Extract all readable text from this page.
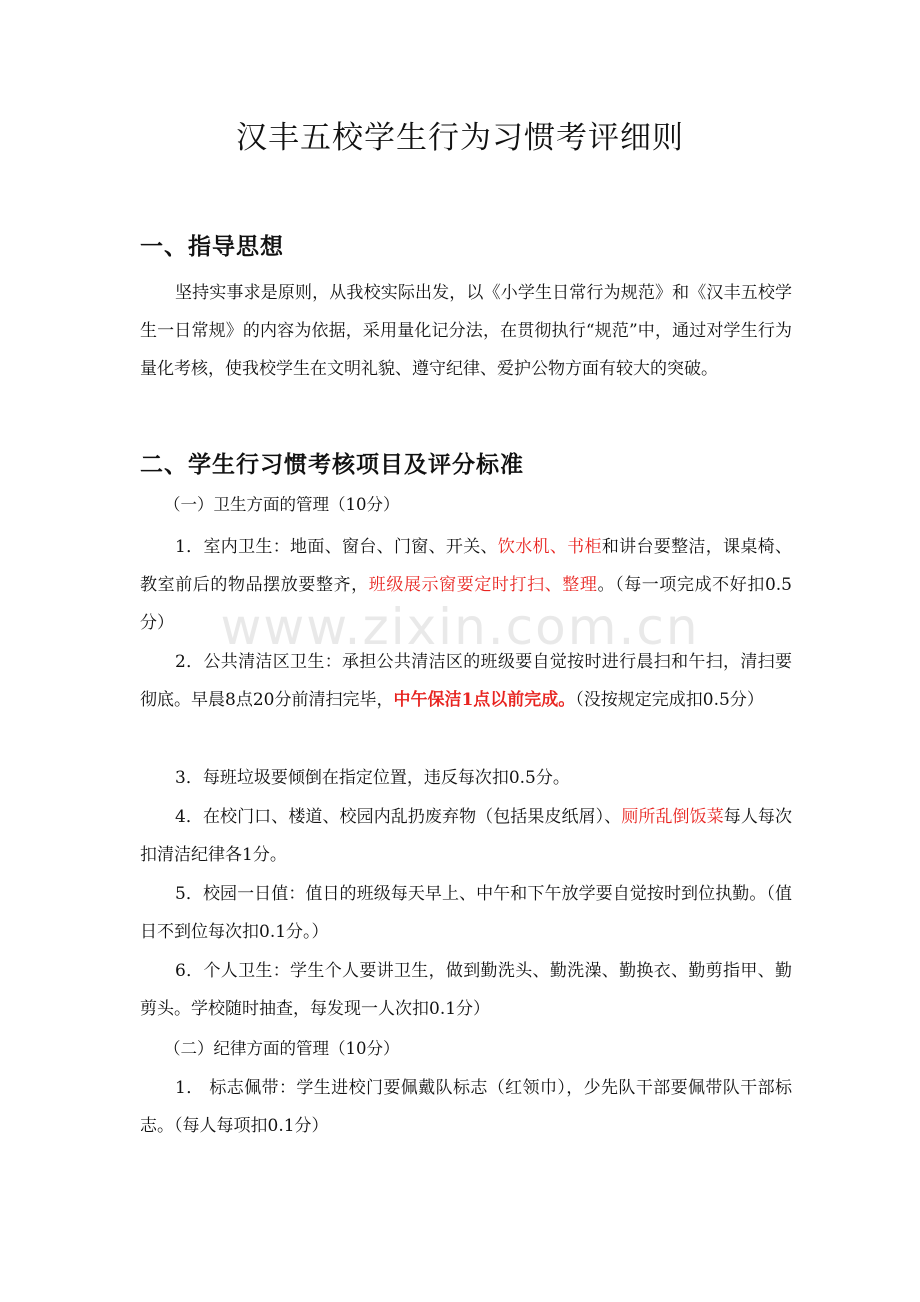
www.zixin.com.cn
汉丰五校学生行为习惯考评细则
一、指导思想

坚持实事求是原则，从我校实际出发，以《小学生日常行为规范》和《汉丰五校学生一日常规》的内容为依据，采用量化记分法，在贯彻执行“规范”中，通过对学生行为量化考核，使我校学生在文明礼貌、遵守纪律、爱护公物方面有较大的突破。

二、学生行习惯考核项目及评分标准

（一）卫生方面的管理（10分）

1．室内卫生：地面、窗台、门窗、开关、饮水机、书柜和讲台要整洁，课桌椅、教室前后的物品摆放要整齐，班级展示窗要定时打扫、整理。（每一项完成不好扣0.5分）

2．公共清洁区卫生：承担公共清洁区的班级要自觉按时进行晨扫和午扫，清扫要彻底。早晨8点20分前清扫完毕，中午保洁1点以前完成。（没按规定完成扣0.5分）

3．每班垃圾要倾倒在指定位置，违反每次扣0.5分。

4．在校门口、楼道、校园内乱扔废弃物（包括果皮纸屑）、厕所乱倒饭菜每人每次扣清洁纪律各1分。

5．校园一日值：值日的班级每天早上、中午和下午放学要自觉按时到位执勤。（值日不到位每次扣0.1分。）

6．个人卫生：学生个人要讲卫生，做到勤洗头、勤洗澡、勤换衣、勤剪指甲、勤剪头。学校随时抽查，每发现一人次扣0.1分）

（二）纪律方面的管理（10分）

1． 标志佩带：学生进校门要佩戴队标志（红领巾），少先队干部要佩带队干部标志。（每人每项扣0.1分）
